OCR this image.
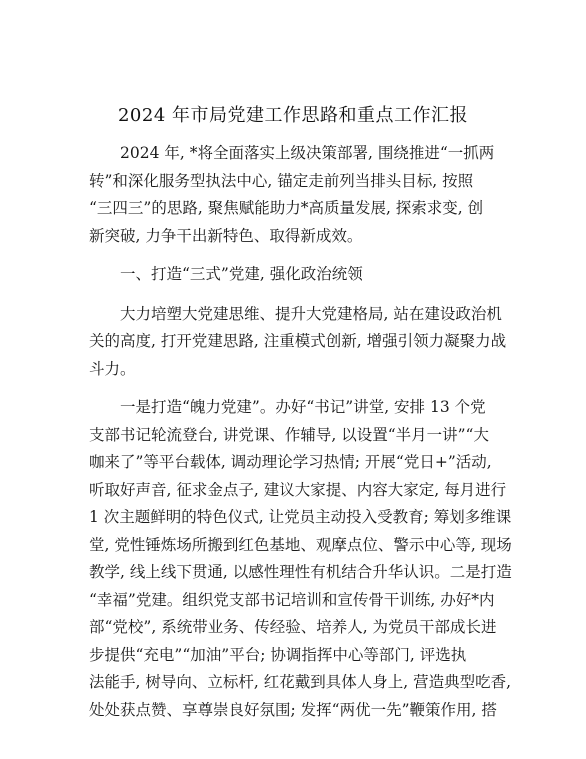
2024 年市局党建工作思路和重点工作汇报
　　2024 年, *将全面落实上级决策部署, 围绕推进“一抓两
转”和深化服务型执法中心, 锚定走前列当排头目标, 按照
“三四三”的思路, 聚焦赋能助力*高质量发展, 探索求变, 创
新突破, 力争干出新特色、取得新成效。
　　一、打造“三式”党建, 强化政治统领
　　大力培塑大党建思维、提升大党建格局, 站在建设政治机
关的高度, 打开党建思路, 注重模式创新, 增强引领力凝聚力战
斗力。
　　一是打造“魄力党建”。办好“书记”讲堂, 安排 13 个党
支部书记轮流登台, 讲党课、作辅导, 以设置“半月一讲”“大
咖来了”等平台载体, 调动理论学习热情; 开展“党日+”活动,
听取好声音, 征求金点子, 建议大家提、内容大家定, 每月进行
1 次主题鲜明的特色仪式, 让党员主动投入受教育; 筹划多维课
堂, 党性锤炼场所搬到红色基地、观摩点位、警示中心等, 现场
教学, 线上线下贯通, 以感性理性有机结合升华认识。二是打造
“幸福”党建。组织党支部书记培训和宣传骨干训练, 办好*内
部“党校”, 系统带业务、传经验、培养人, 为党员干部成长进
步提供“充电”“加油”平台; 协调指挥中心等部门, 评选执
法能手, 树导向、立标杆, 红花戴到具体人身上, 营造典型吃香,
处处获点赞、享尊崇良好氛围; 发挥“两优一先”鞭策作用, 搭
